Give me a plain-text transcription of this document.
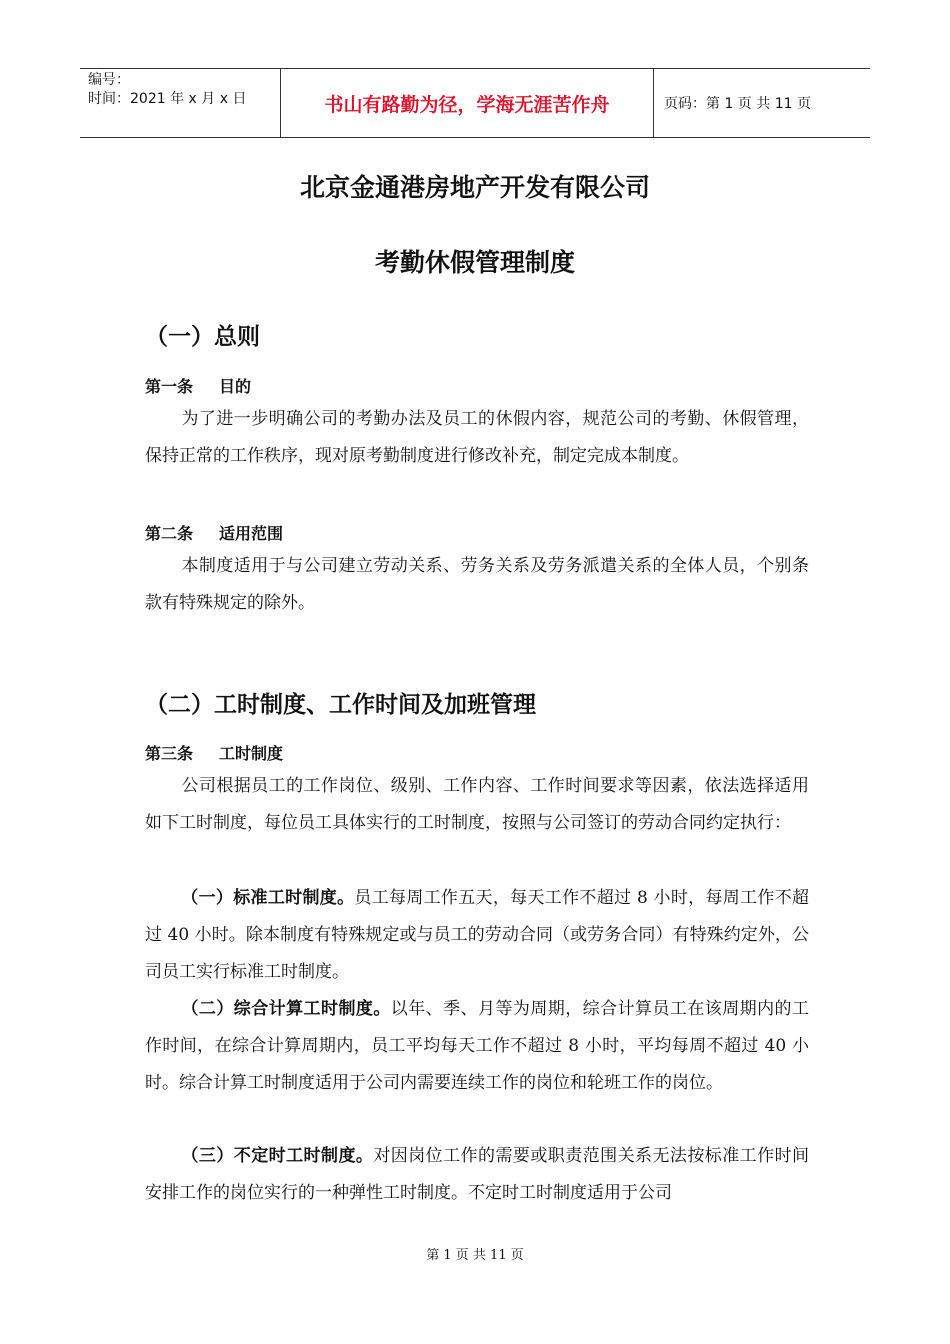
编号：
时间：2021 年 x 月 x 日	书山有路勤为径，学海无涯苦作舟	页码：第 1 页 共 11 页
北京金通港房地产开发有限公司
考勤休假管理制度
（一）总则
第一条 目的
为了进一步明确公司的考勤办法及员工的休假内容，规范公司的考勤、休假管理，保持正常的工作秩序，现对原考勤制度进行修改补充，制定完成本制度。
第二条 适用范围
本制度适用于与公司建立劳动关系、劳务关系及劳务派遣关系的全体人员，个别条款有特殊规定的除外。
（二）工时制度、工作时间及加班管理
第三条 工时制度
公司根据员工的工作岗位、级别、工作内容、工作时间要求等因素，依法选择适用如下工时制度，每位员工具体实行的工时制度，按照与公司签订的劳动合同约定执行：
（一）标准工时制度。员工每周工作五天，每天工作不超过 8 小时，每周工作不超过 40 小时。除本制度有特殊规定或与员工的劳动合同（或劳务合同）有特殊约定外，公司员工实行标准工时制度。
（二）综合计算工时制度。以年、季、月等为周期，综合计算员工在该周期内的工作时间，在综合计算周期内，员工平均每天工作不超过 8 小时，平均每周不超过 40 小时。综合计算工时制度适用于公司内需要连续工作的岗位和轮班工作的岗位。
（三）不定时工时制度。对因岗位工作的需要或职责范围关系无法按标准工作时间安排工作的岗位实行的一种弹性工时制度。不定时工时制度适用于公司
第 1 页 共 11 页
